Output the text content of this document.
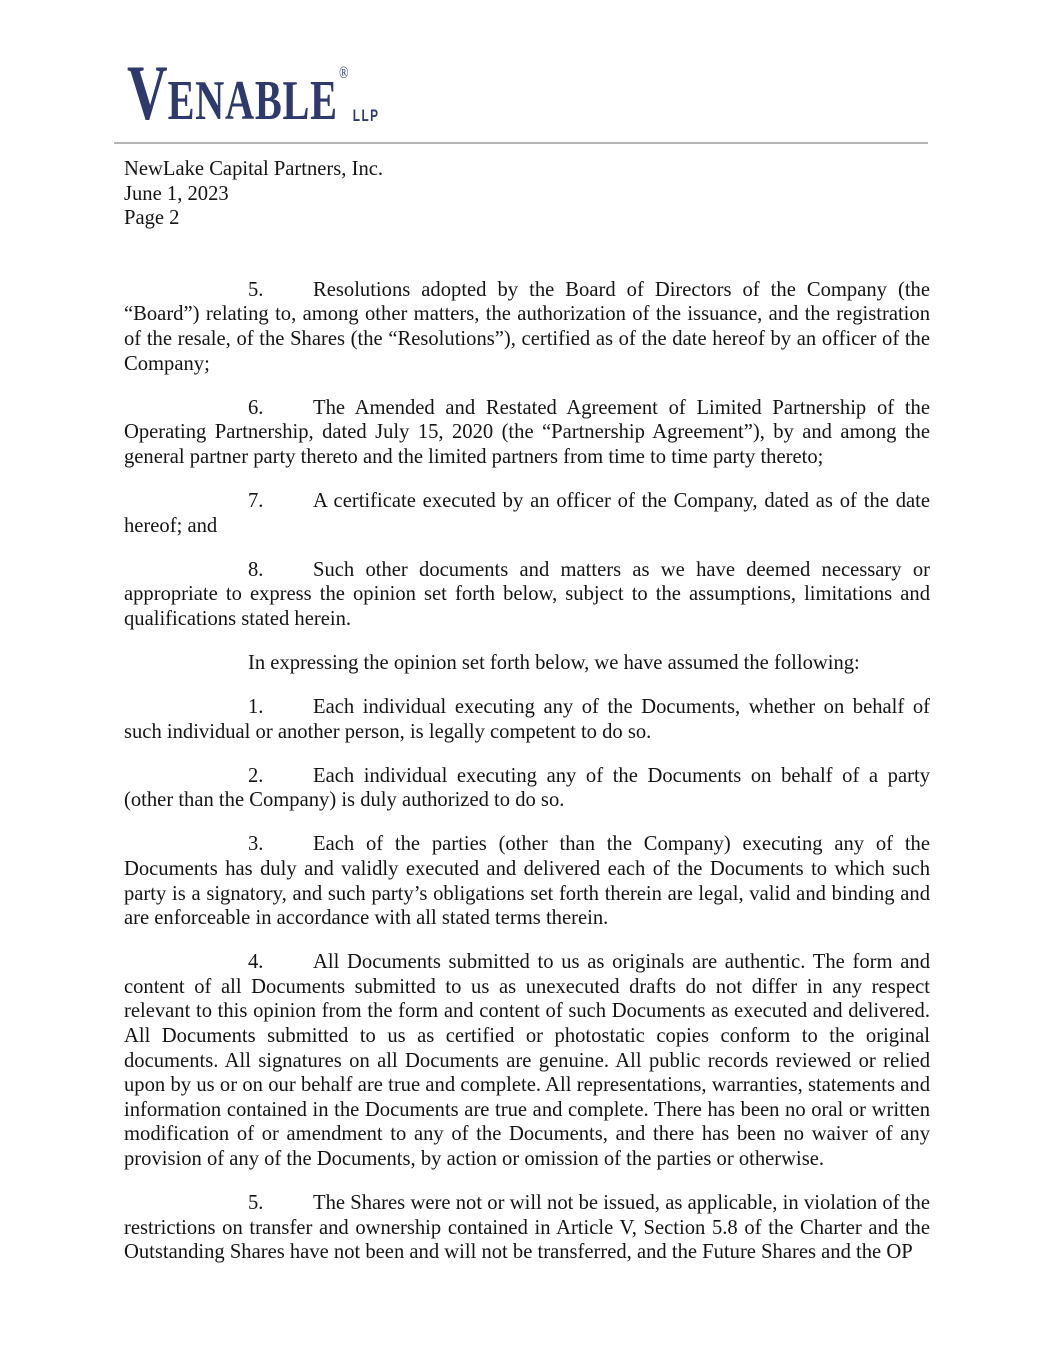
V ENABLE ®
LLP

NewLake Capital Partners, Inc.

June 1, 2023

Page 2

5. Resolutions adopted by the Board of Directors of the Company (the “Board”) relating to, among other matters, the authorization of the issuance, and the registration of the resale, of the Shares (the “Resolutions”), certified as of the date hereof by an officer of the Company;

6. The Amended and Restated Agreement of Limited Partnership of the Operating Partnership, dated July 15, 2020 (the “Partnership Agreement”), by and among the general partner party thereto and the limited partners from time to time party thereto;

7. A certificate executed by an officer of the Company, dated as of the date hereof; and

8. Such other documents and matters as we have deemed necessary or appropriate to express the opinion set forth below, subject to the assumptions, limitations and qualifications stated herein.

In expressing the opinion set forth below, we have assumed the following:

1. Each individual executing any of the Documents, whether on behalf of such individual or another person, is legally competent to do so.

2. Each individual executing any of the Documents on behalf of a party (other than the Company) is duly authorized to do so.

3. Each of the parties (other than the Company) executing any of the Documents has duly and validly executed and delivered each of the Documents to which such party is a signatory, and such party’s obligations set forth therein are legal, valid and binding and are enforceable in accordance with all stated terms therein.

4. All Documents submitted to us as originals are authentic. The form and content of all Documents submitted to us as unexecuted drafts do not differ in any respect relevant to this opinion from the form and content of such Documents as executed and delivered. All Documents submitted to us as certified or photostatic copies conform to the original documents. All signatures on all Documents are genuine. All public records reviewed or relied upon by us or on our behalf are true and complete. All representations, warranties, statements and information contained in the Documents are true and complete. There has been no oral or written modification of or amendment to any of the Documents, and there has been no waiver of any provision of any of the Documents, by action or omission of the parties or otherwise.

5. The Shares were not or will not be issued, as applicable, in violation of the restrictions on transfer and ownership contained in Article V, Section 5.8 of the Charter and the Outstanding Shares have not been and will not be transferred, and the Future Shares and the OP
